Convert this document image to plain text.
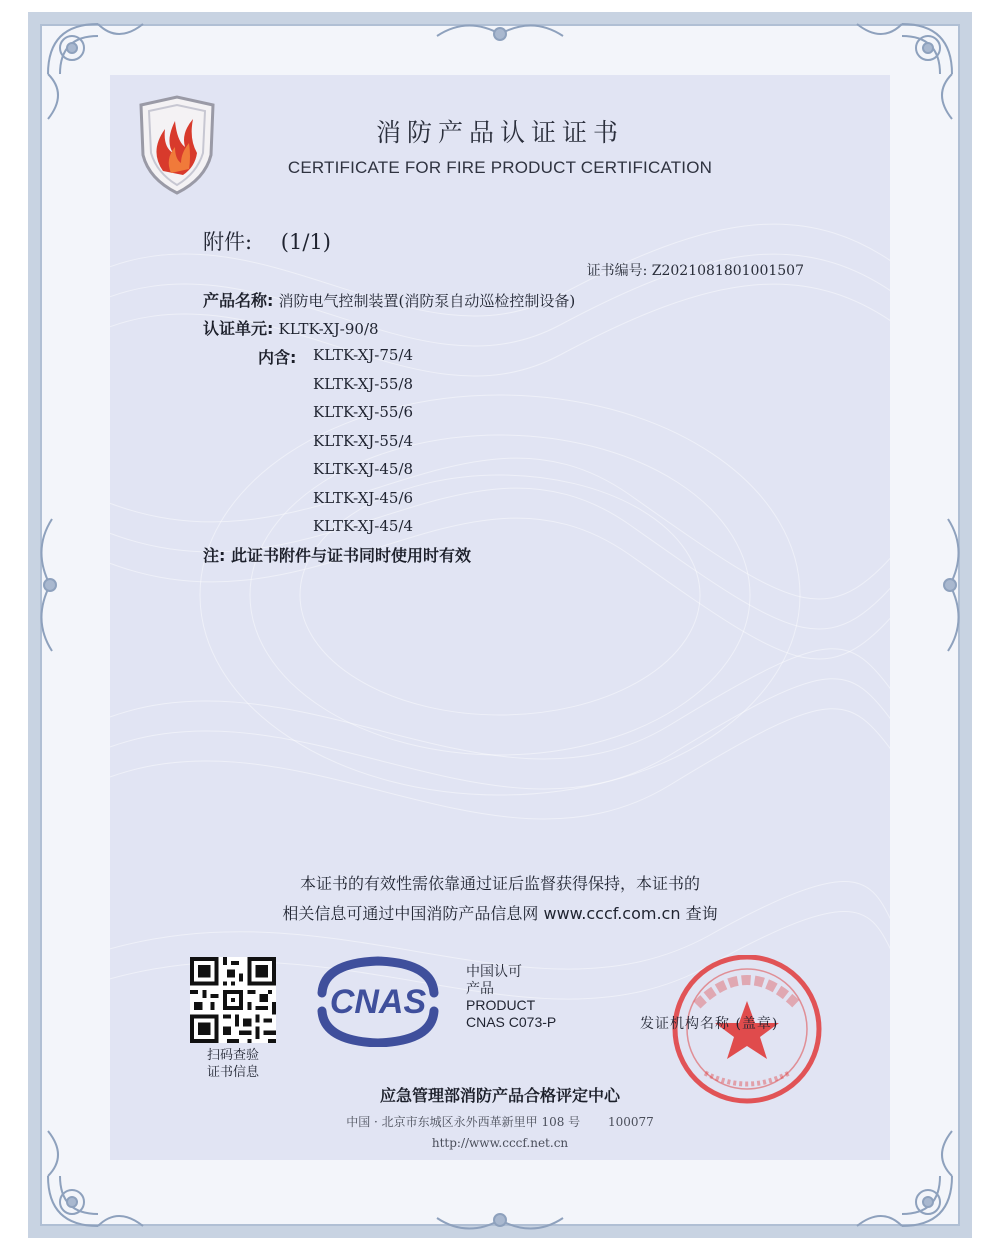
消防产品认证证书
CERTIFICATE FOR FIRE PRODUCT CERTIFICATION
附件: (1/1)
证书编号: Z2021081801001507
产品名称: 消防电气控制装置(消防泵自动巡检控制设备)
认证单元: KLTK-XJ-90/8
内含: KLTK-XJ-75/4
KLTK-XJ-55/8
KLTK-XJ-55/6
KLTK-XJ-55/4
KLTK-XJ-45/8
KLTK-XJ-45/6
KLTK-XJ-45/4
注: 此证书附件与证书同时使用时有效
本证书的有效性需依靠通过证后监督获得保持，本证书的
相关信息可通过中国消防产品信息网 www.cccf.com.cn 查询
扫码查验
证书信息
CNAS
中国认可
产品
PRODUCT
CNAS C073-P	发证机构名称 (盖章)
应急管理部消防产品合格评定中心
中国 · 北京市东城区永外西革新里甲 108 号　　 100077
http://www.cccf.net.cn
